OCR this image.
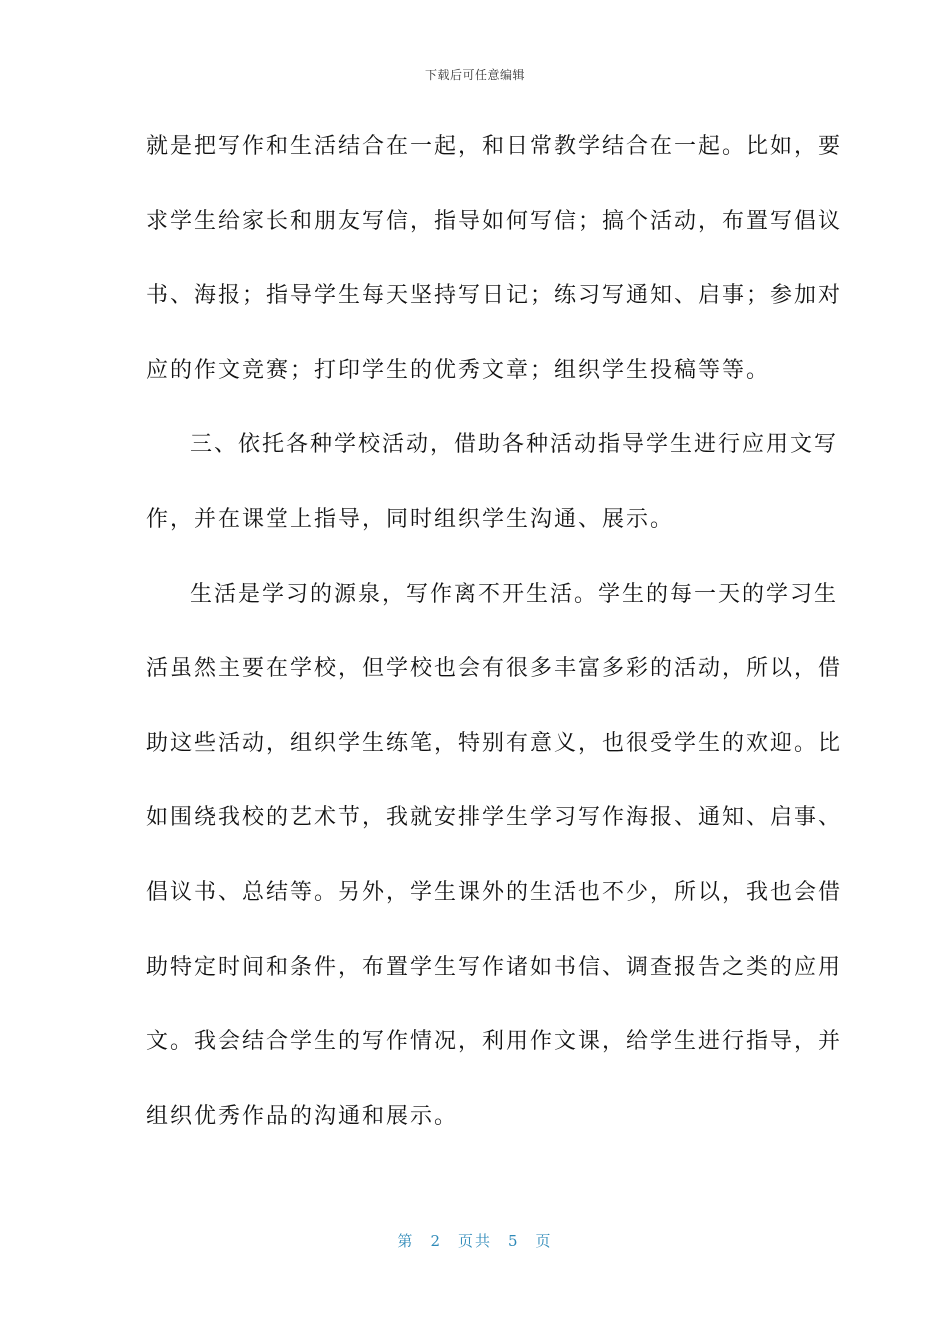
下载后可任意编辑
就是把写作和生活结合在一起，和日常教学结合在一起。比如，要
求学生给家长和朋友写信，指导如何写信；搞个活动，布置写倡议
书、海报；指导学生每天坚持写日记；练习写通知、启事；参加对
应的作文竞赛；打印学生的优秀文章；组织学生投稿等等。
三、依托各种学校活动，借助各种活动指导学生进行应用文写
作，并在课堂上指导，同时组织学生沟通、展示。
生活是学习的源泉，写作离不开生活。学生的每一天的学习生
活虽然主要在学校，但学校也会有很多丰富多彩的活动，所以，借
助这些活动，组织学生练笔，特别有意义，也很受学生的欢迎。比
如围绕我校的艺术节，我就安排学生学习写作海报、通知、启事、
倡议书、总结等。另外，学生课外的生活也不少，所以，我也会借
助特定时间和条件，布置学生写作诸如书信、调查报告之类的应用
文。我会结合学生的写作情况，利用作文课，给学生进行指导，并
组织优秀作品的沟通和展示。
第 2 页共 5 页
